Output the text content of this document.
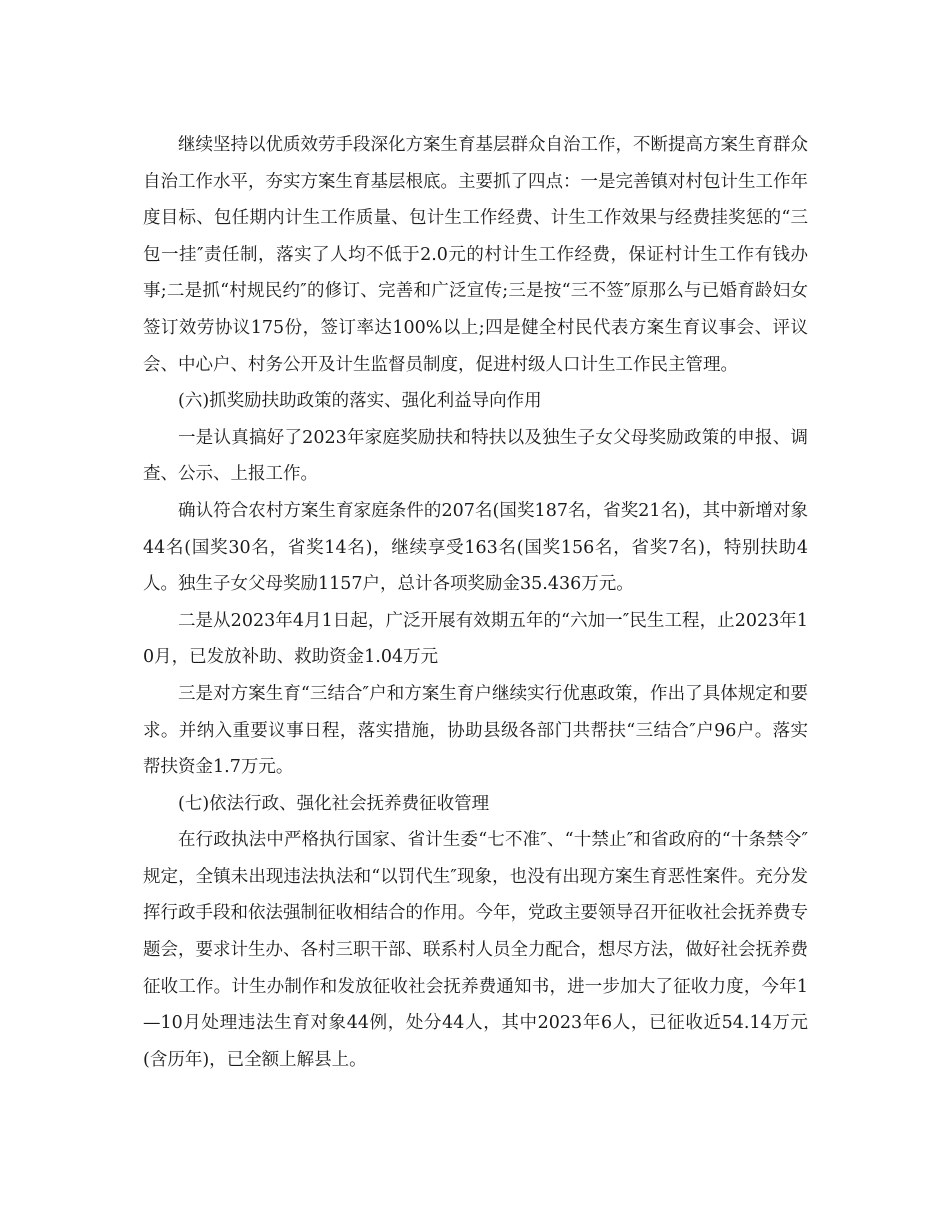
继续坚持以优质效劳手段深化方案生育基层群众自治工作，不断提高方案生育群众自治工作水平，夯实方案生育基层根底。主要抓了四点：一是完善镇对村包计生工作年度目标、包任期内计生工作质量、包计生工作经费、计生工作效果与经费挂奖惩的“三包一挂″责任制，落实了人均不低于2.0元的村计生工作经费，保证村计生工作有钱办事;二是抓“村规民约″的修订、完善和广泛宣传;三是按“三不签″原那么与已婚育龄妇女签订效劳协议175份，签订率达100%以上;四是健全村民代表方案生育议事会、评议会、中心户、村务公开及计生监督员制度，促进村级人口计生工作民主管理。

(六)抓奖励扶助政策的落实、强化利益导向作用

一是认真搞好了2023年家庭奖励扶和特扶以及独生子女父母奖励政策的申报、调查、公示、上报工作。

确认符合农村方案生育家庭条件的207名(国奖187名，省奖21名)，其中新增对象44名(国奖30名，省奖14名)，继续享受163名(国奖156名，省奖7名)，特别扶助4人。独生子女父母奖励1157户，总计各项奖励金35.436万元。

二是从2023年4月1日起，广泛开展有效期五年的“六加一″民生工程，止2023年10月，已发放补助、救助资金1.04万元

三是对方案生育“三结合″户和方案生育户继续实行优惠政策，作出了具体规定和要求。并纳入重要议事日程，落实措施，协助县级各部门共帮扶“三结合″户96户。落实帮扶资金1.7万元。

(七)依法行政、强化社会抚养费征收管理

在行政执法中严格执行国家、省计生委“七不准″、“十禁止″和省政府的“十条禁令″规定，全镇未出现违法执法和“以罚代生″现象，也没有出现方案生育恶性案件。充分发挥行政手段和依法强制征收相结合的作用。今年，党政主要领导召开征收社会抚养费专题会，要求计生办、各村三职干部、联系村人员全力配合，想尽方法，做好社会抚养费征收工作。计生办制作和发放征收社会抚养费通知书，进一步加大了征收力度，今年1—10月处理违法生育对象44例，处分44人，其中2023年6人，已征收近54.14万元(含历年)，已全额上解县上。
